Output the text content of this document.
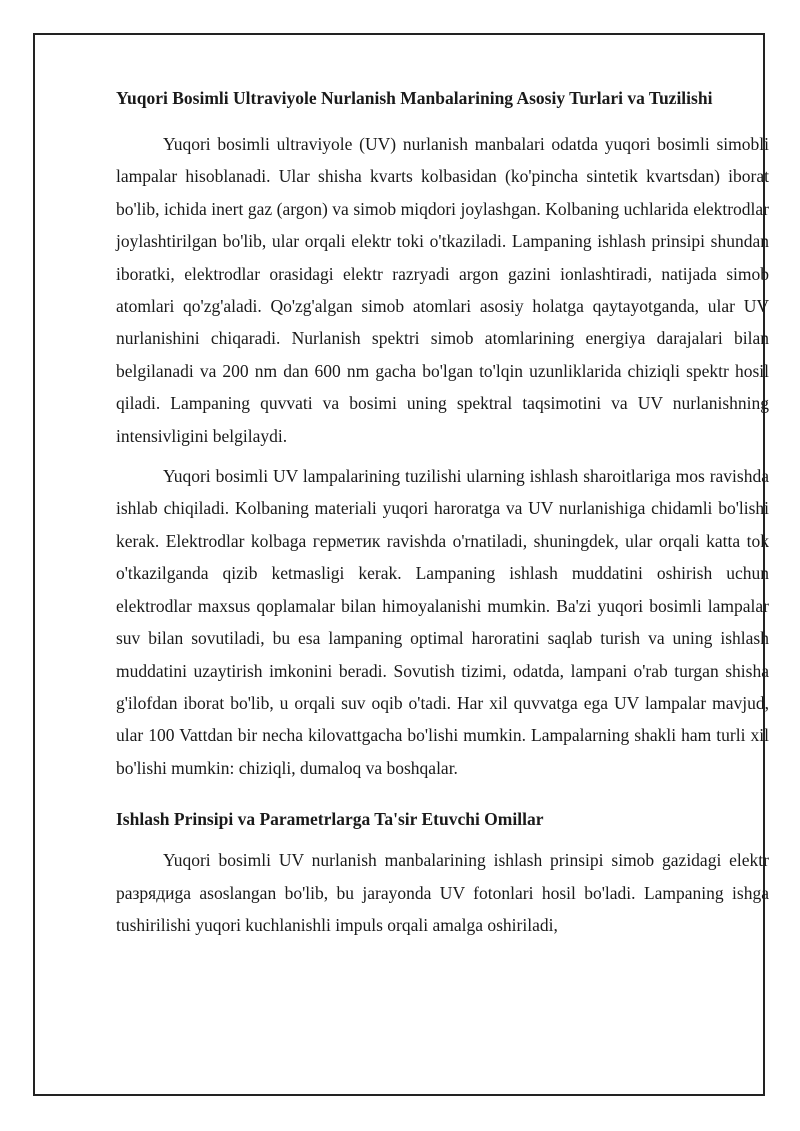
Yuqori Bosimli Ultraviyole Nurlanish Manbalarining Asosiy Turlari va Tuzilishi

Yuqori bosimli ultraviyole (UV) nurlanish manbalari odatda yuqori bosimli simobli lampalar hisoblanadi. Ular shisha kvarts kolbasidan (ko'pincha sintetik kvartsdan) iborat bo'lib, ichida inert gaz (argon) va simob miqdori joylashgan. Kolbaning uchlarida elektrodlar joylashtirilgan bo'lib, ular orqali elektr toki o'tkaziladi. Lampaning ishlash prinsipi shundan iboratki, elektrodlar orasidagi elektr razryadi argon gazini ionlashtiradi, natijada simob atomlari qo'zg'aladi. Qo'zg'algan simob atomlari asosiy holatga qaytayotganda, ular UV nurlanishini chiqaradi. Nurlanish spektri simob atomlarining energiya darajalari bilan belgilanadi va 200 nm dan 600 nm gacha bo'lgan to'lqin uzunliklarida chiziqli spektr hosil qiladi. Lampaning quvvati va bosimi uning spektral taqsimotini va UV nurlanishning intensivligini belgilaydi.

Yuqori bosimli UV lampalarining tuzilishi ularning ishlash sharoitlariga mos ravishda ishlab chiqiladi. Kolbaning materiali yuqori haroratga va UV nurlanishiga chidamli bo'lishi kerak. Elektrodlar kolbaga герметик ravishda o'rnatiladi, shuningdek, ular orqali katta tok o'tkazilganda qizib ketmasligi kerak. Lampaning ishlash muddatini oshirish uchun elektrodlar maxsus qoplamalar bilan himoyalanishi mumkin. Ba'zi yuqori bosimli lampalar suv bilan sovutiladi, bu esa lampaning optimal haroratini saqlab turish va uning ishlash muddatini uzaytirish imkonini beradi. Sovutish tizimi, odatda, lampani o'rab turgan shisha g'ilofdan iborat bo'lib, u orqali suv oqib o'tadi. Har xil quvvatga ega UV lampalar mavjud, ular 100 Vattdan bir necha kilovattgacha bo'lishi mumkin. Lampalarning shakli ham turli xil bo'lishi mumkin: chiziqli, dumaloq va boshqalar.

Ishlash Prinsipi va Parametrlarga Ta'sir Etuvchi Omillar

Yuqori bosimli UV nurlanish manbalarining ishlash prinsipi simob gazidagi elektr разрядиga asoslangan bo'lib, bu jarayonda UV fotonlari hosil bo'ladi. Lampaning ishga tushirilishi yuqori kuchlanishli impuls orqali amalga oshiriladi,
